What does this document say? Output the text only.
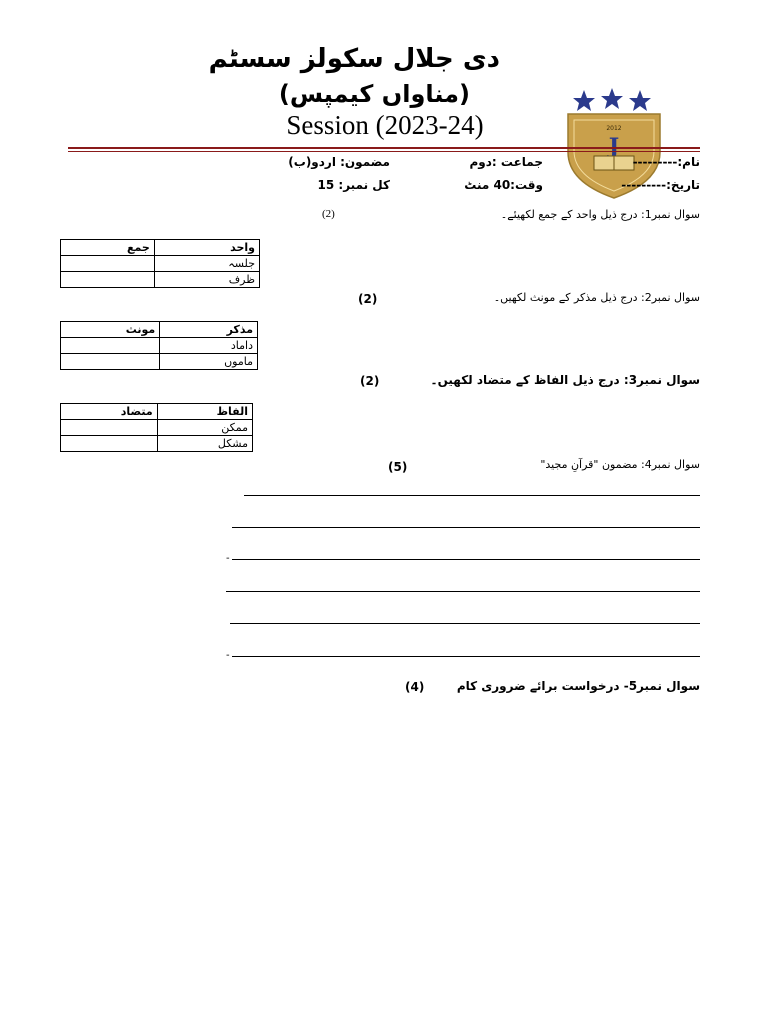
دی جلال سکولز سسٹم
(مناواں کیمپس)
Session (2023-24)	2012
نام:---------
جماعت :دوم
مضمون: اردو(ب)
تاریخ:---------
وقت:40 منٹ
کل نمبر: 15
سوال نمبر1: درج ذیل واحد کے جمع لکھیئے۔
(2)
واحد	جمع
جلسہ	
ظرف	
سوال نمبر2: درج ذیل مذکر کے مونث لکھیں۔
(2)
مذکر	مونث
داماد	
ماموں	
سوال نمبر3: درج ذیل الفاظ کے متضاد لکھیں۔
(2)
الفاظ	متضاد
ممکن	
مشکل	
سوال نمبر4: مضمون "قرآنِ مجید"
(5)
-
-
سوال نمبر5- درخواست برائے ضروری کام
(4)
